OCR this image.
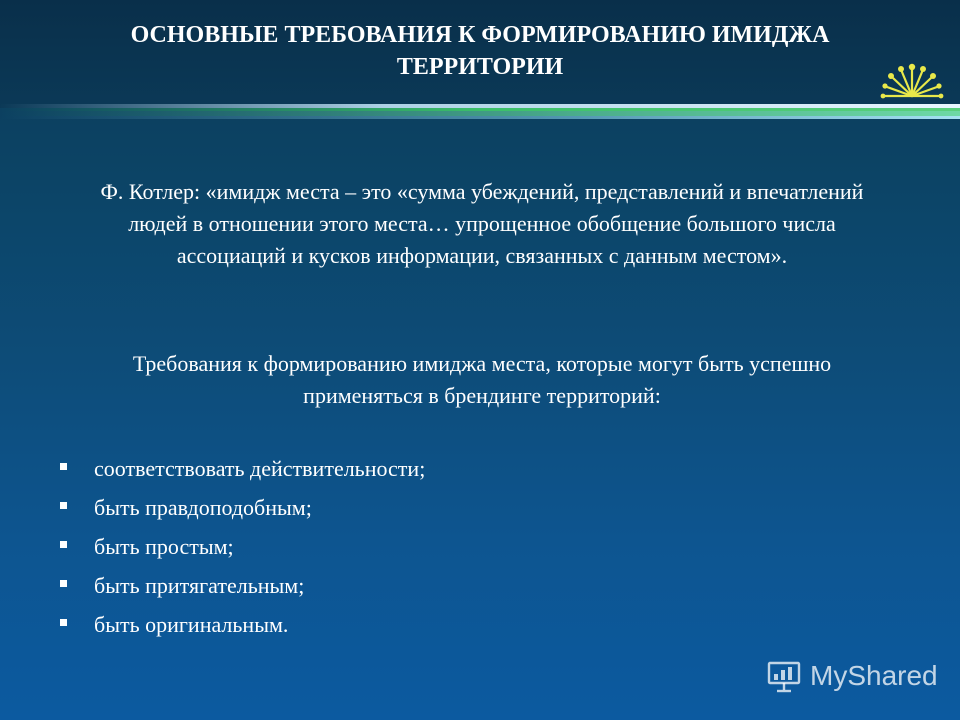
ОСНОВНЫЕ ТРЕБОВАНИЯ К ФОРМИРОВАНИЮ ИМИДЖА ТЕРРИТОРИИ
Ф. Котлер: «имидж места – это «сумма убеждений, представлений и впечатлений людей в отношении этого места… упрощенное обобщение большого числа ассоциаций и кусков информации, связанных с данным местом».
Требования к формированию имиджа места, которые могут быть успешно применяться в брендинге территорий:
соответствовать действительности;
быть правдоподобным;
быть простым;
быть притягательным;
быть оригинальным.
MyShared
